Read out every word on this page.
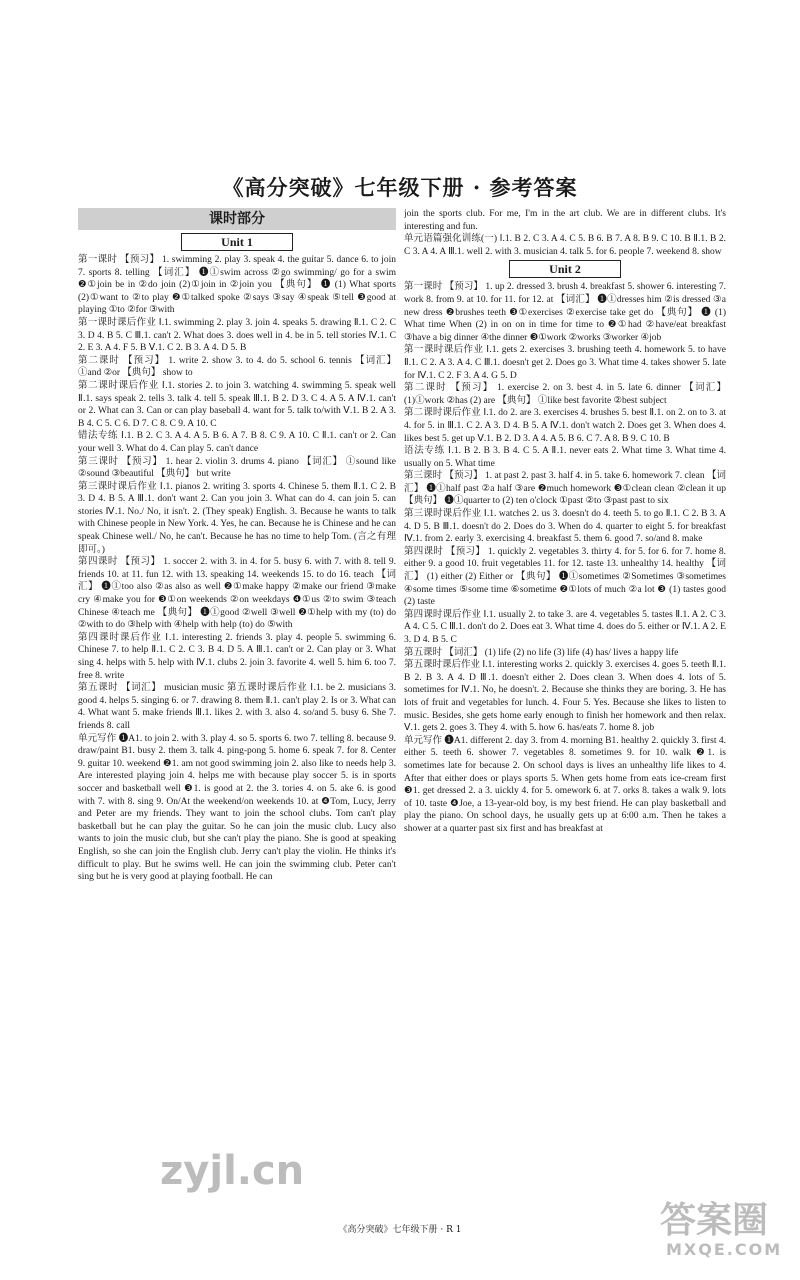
《高分突破》七年级下册 · 参考答案
课时部分
Unit 1

第一课时 【预习】 1. swimming 2. play 3. speak 4. the guitar 5. dance 6. to join 7. sports 8. telling 【词汇】 ❶①swim across ②go swimming/ go for a swim ❷①join be in ②do join (2)①join in ②join you 【典句】 ❶ (1) What sports (2)①want to ②to play ❷①talked spoke ②says ③say ④speak ⑤tell ❸good at playing ①to ②for ③with

第一课时课后作业 Ⅰ.1. swimming 2. play 3. join 4. speaks 5. drawing Ⅱ.1. C 2. C 3. D 4. B 5. C Ⅲ.1. can't 2. What does 3. does well in 4. be in 5. tell stories Ⅳ.1. C 2. E 3. A 4. F 5. B Ⅴ.1. C 2. B 3. A 4. D 5. B

第二课时 【预习】 1. write 2. show 3. to 4. do 5. school 6. tennis 【词汇】 ①and ②or 【典句】 show to

第二课时课后作业 Ⅰ.1. stories 2. to join 3. watching 4. swimming 5. speak well Ⅱ.1. says speak 2. tells 3. talk 4. tell 5. speak Ⅲ.1. B 2. D 3. C 4. A 5. A Ⅳ.1. can't or 2. What can 3. Can or can play baseball 4. want for 5. talk to/with Ⅴ.1. B 2. A 3. B 4. C 5. C 6. D 7. C 8. C 9. A 10. C

错法专练 Ⅰ.1. B 2. C 3. A 4. A 5. B 6. A 7. B 8. C 9. A 10. C Ⅱ.1. can't or 2. Can your well 3. What do 4. Can play 5. can't dance

第三课时 【预习】 1. hear 2. violin 3. drums 4. piano 【词汇】 ①sound like ②sound ③beautiful 【典句】 but write

第三课时课后作业 Ⅰ.1. pianos 2. writing 3. sports 4. Chinese 5. them Ⅱ.1. C 2. B 3. D 4. B 5. A Ⅲ.1. don't want 2. Can you join 3. What can do 4. can join 5. can stories Ⅳ.1. No./ No, it isn't. 2. (They speak) English. 3. Because he wants to talk with Chinese people in New York. 4. Yes, he can. Because he is Chinese and he can speak Chinese well./ No, he can't. Because he has no time to help Tom. (言之有理即可。)

第四课时 【预习】 1. soccer 2. with 3. in 4. for 5. busy 6. with 7. with 8. tell 9. friends 10. at 11. fun 12. with 13. speaking 14. weekends 15. to do 16. teach 【词汇】 ❶①too also ②as also as well ❷①make happy ②make our friend ③make cry ④make you for ❸①on weekends ②on weekdays ❹①us ②to swim ③teach Chinese ④teach me 【典句】 ❶①good ②well ③well ❷①help with my (to) do ②with to do ③help with ④help with help (to) do ⑤with

第四课时课后作业 Ⅰ.1. interesting 2. friends 3. play 4. people 5. swimming 6. Chinese 7. to help Ⅱ.1. C 2. C 3. B 4. D 5. A Ⅲ.1. can't or 2. Can play or 3. What sing 4. helps with 5. help with Ⅳ.1. clubs 2. join 3. favorite 4. well 5. him 6. too 7. free 8. write

第五课时 【词汇】 musician music 第五课时课后作业 Ⅰ.1. be 2. musicians 3. good 4. helps 5. singing 6. or 7. drawing 8. them Ⅱ.1. can't play 2. Is or 3. What can 4. What want 5. make friends Ⅲ.1. likes 2. with 3. also 4. so/and 5. busy 6. She 7. friends 8. call

单元写作 ❶A1. to join 2. with 3. play 4. so 5. sports 6. two 7. telling 8. because 9. draw/paint B1. busy 2. them 3. talk 4. ping-pong 5. home 6. speak 7. for 8. Center 9. guitar 10. weekend ❷1. am not good swimming join 2. also like to needs help 3. Are interested playing join 4. helps me with because play soccer 5. is in sports soccer and basketball well ❸1. is good at 2. the 3. tories 4. on 5. ake 6. is good with 7. with 8. sing 9. On/At the weekend/on weekends 10. at ❹Tom, Lucy, Jerry and Peter are my friends. They want to join the school clubs. Tom can't play basketball but he can play the guitar. So he can join the music club. Lucy also wants to join the music club, but she can't play the piano. She is good at speaking English, so she can join the English club. Jerry can't play the violin. He thinks it's difficult to play. But he swims well. He can join the swimming club. Peter can't sing but he is very good at playing football. He can

join the sports club. For me, I'm in the art club. We are in different clubs. It's interesting and fun.

单元语篇强化训练(一) Ⅰ.1. B 2. C 3. A 4. C 5. B 6. B 7. A 8. B 9. C 10. B Ⅱ.1. B 2. C 3. A 4. A Ⅲ.1. well 2. with 3. musician 4. talk 5. for 6. people 7. weekend 8. show

Unit 2

第一课时 【预习】 1. up 2. dressed 3. brush 4. breakfast 5. shower 6. interesting 7. work 8. from 9. at 10. for 11. for 12. at 【词汇】 ❶①dresses him ②is dressed ③a new dress ❷brushes teeth ❸①exercises ②exercise take get do 【典句】 ❶ (1) What time When (2) in on on in time for time to ❷①had ②have/eat breakfast ③have a big dinner ④the dinner ❸①work ②works ③worker ④job

第一课时课后作业 Ⅰ.1. gets 2. exercises 3. brushing teeth 4. homework 5. to have Ⅱ.1. C 2. A 3. A 4. C Ⅲ.1. doesn't get 2. Does go 3. What time 4. takes shower 5. late for Ⅳ.1. C 2. F 3. A 4. G 5. D

第二课时 【预习】 1. exercise 2. on 3. best 4. in 5. late 6. dinner 【词汇】 (1)①work ②has (2) are 【典句】 ①like best favorite ②best subject

第二课时课后作业 Ⅰ.1. do 2. are 3. exercises 4. brushes 5. best Ⅱ.1. on 2. on to 3. at 4. for 5. in Ⅲ.1. C 2. A 3. D 4. B 5. A Ⅳ.1. don't watch 2. Does get 3. When does 4. likes best 5. get up Ⅴ.1. B 2. D 3. A 4. A 5. B 6. C 7. A 8. B 9. C 10. B

语法专练 Ⅰ.1. B 2. B 3. B 4. C 5. A Ⅱ.1. never eats 2. What time 3. What time 4. usually on 5. What time

第三课时 【预习】 1. at past 2. past 3. half 4. in 5. take 6. homework 7. clean 【词汇】 ❶①half past ②a half ③are ❷much homework ❸①clean clean ②clean it up 【典句】 ❶①quarter to (2) ten o'clock ①past ②to ③past past to six

第三课时课后作业 Ⅰ.1. watches 2. us 3. doesn't do 4. teeth 5. to go Ⅱ.1. C 2. B 3. A 4. D 5. B Ⅲ.1. doesn't do 2. Does do 3. When do 4. quarter to eight 5. for breakfast Ⅳ.1. from 2. early 3. exercising 4. breakfast 5. them 6. good 7. so/and 8. make

第四课时 【预习】 1. quickly 2. vegetables 3. thirty 4. for 5. for 6. for 7. home 8. either 9. a good 10. fruit vegetables 11. for 12. taste 13. unhealthy 14. healthy 【词汇】 (1) either (2) Either or 【典句】 ❶①sometimes ②Sometimes ③sometimes ④some times ⑤some time ⑥sometime ❷①lots of much ②a lot ❸ (1) tastes good (2) taste

第四课时课后作业 Ⅰ.1. usually 2. to take 3. are 4. vegetables 5. tastes Ⅱ.1. A 2. C 3. A 4. C 5. C Ⅲ.1. don't do 2. Does eat 3. What time 4. does do 5. either or Ⅳ.1. A 2. E 3. D 4. B 5. C

第五课时 【词汇】 (1) life (2) no life (3) life (4) has/ lives a happy life

第五课时课后作业 Ⅰ.1. interesting works 2. quickly 3. exercises 4. goes 5. teeth Ⅱ.1. B 2. B 3. A 4. D Ⅲ.1. doesn't either 2. Does clean 3. When does 4. lots of 5. sometimes for Ⅳ.1. No, he doesn't. 2. Because she thinks they are boring. 3. He has lots of fruit and vegetables for lunch. 4. Four 5. Yes. Because she likes to listen to music. Besides, she gets home early enough to finish her homework and then relax. Ⅴ.1. gets 2. goes 3. They 4. with 5. how 6. has/eats 7. home 8. job

单元写作 ❶A1. different 2. day 3. from 4. morning B1. healthy 2. quickly 3. first 4. either 5. teeth 6. shower 7. vegetables 8. sometimes 9. for 10. walk ❷1. is sometimes late for because 2. On school days is lives an unhealthy life likes to 4. After that either does or plays sports 5. When gets home from eats ice-cream first ❸1. get dressed 2. a 3. uickly 4. for 5. omework 6. at 7. orks 8. takes a walk 9. lots of 10. taste ❹Joe, a 13-year-old boy, is my best friend. He can play basketball and play the piano. On school days, he usually gets up at 6:00 a.m. Then he takes a shower at a quarter past six first and has breakfast at

zyjl.cn
答案圈
MXQE.COM
《高分突破》七年级下册 · R 1
